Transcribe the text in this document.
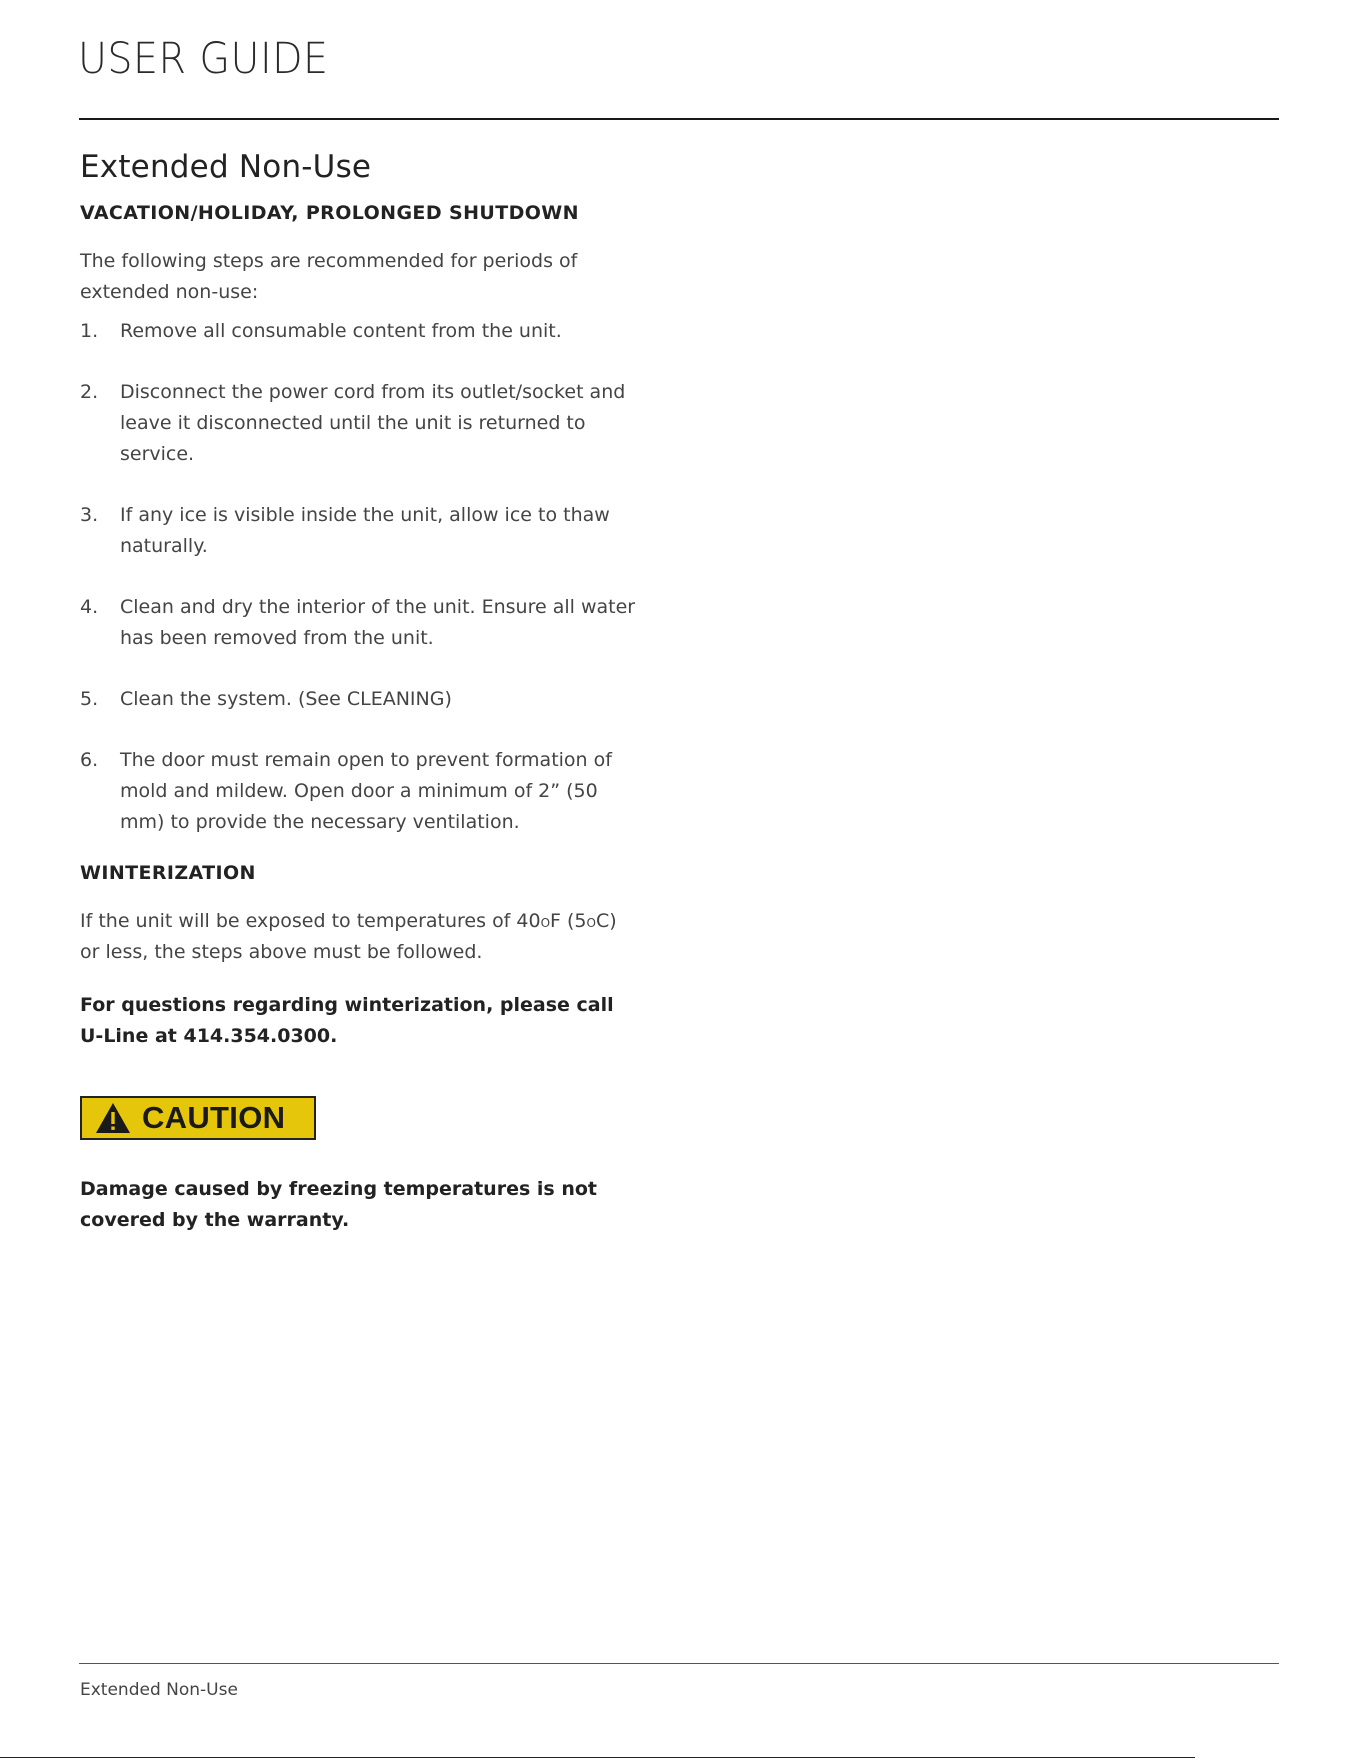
USER GUIDE
Extended Non-Use
VACATION/HOLIDAY, PROLONGED SHUTDOWN
The following steps are recommended for periods of extended non-use:
1.	Remove all consumable content from the unit.
2.	Disconnect the power cord from its outlet/socket and leave it disconnected until the unit is returned to service.
3.	If any ice is visible inside the unit, allow ice to thaw naturally.
4.	Clean and dry the interior of the unit. Ensure all water has been removed from the unit.
5.	Clean the system. (See CLEANING)
6.	The door must remain open to prevent formation of mold and mildew. Open door a minimum of 2” (50 mm) to provide the necessary ventilation.
WINTERIZATION
If the unit will be exposed to temperatures of $40^OF$ $(5^OC)$ or less, the steps above must be followed.
For questions regarding winterization, please call U-Line at 414.354.0300.
CAUTION
Damage caused by freezing temperatures is not covered by the warranty.
Extended Non-Use
